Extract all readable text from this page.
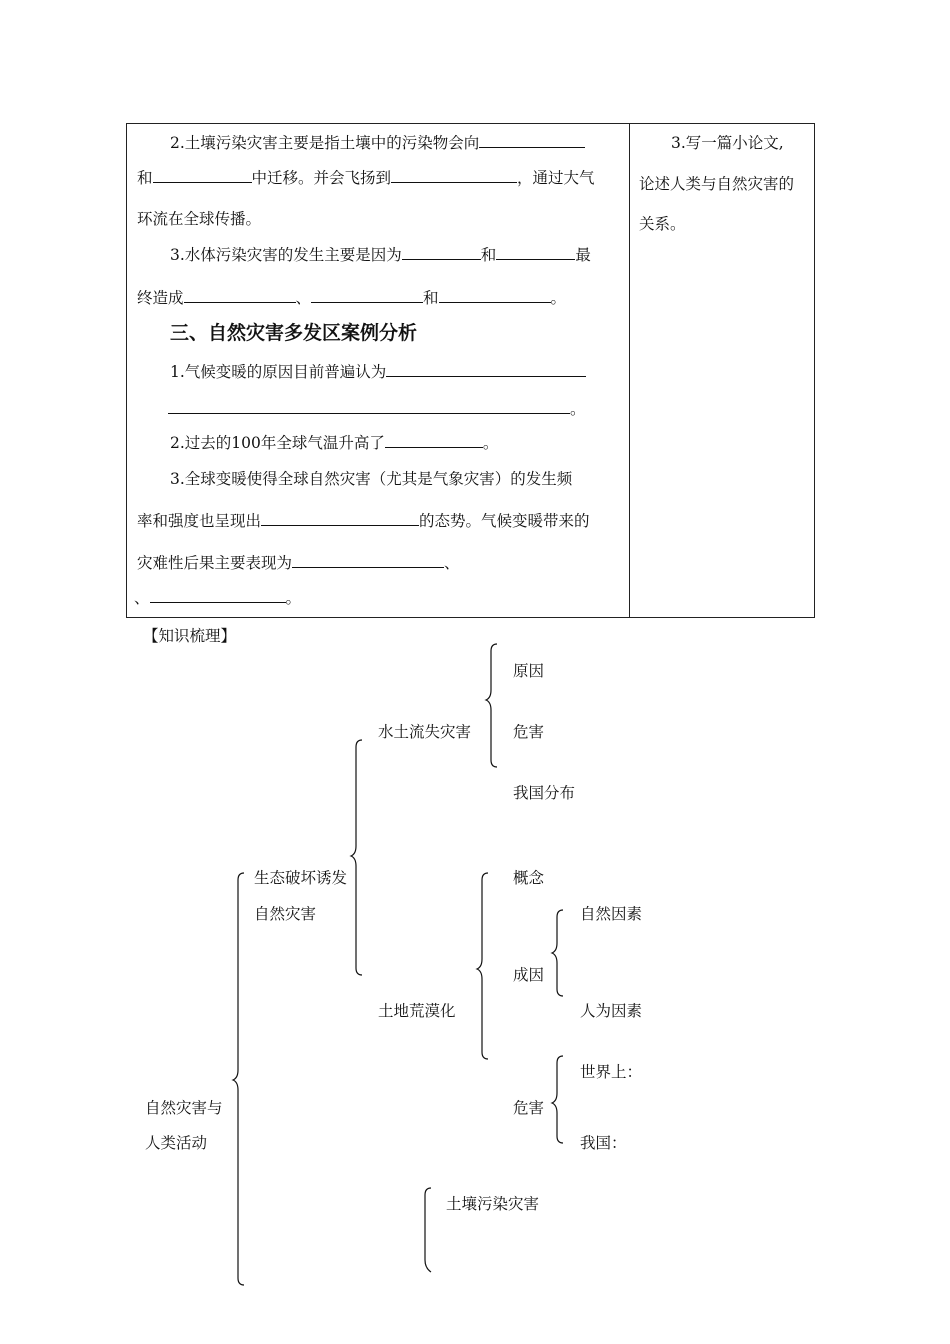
2.土壤污染灾害主要是指土壤中的污染物会向
和	中迁移。并会飞扬到	，通过大气
环流在全球传播。
3.水体污染灾害的发生主要是因为	和	最
终造成	、	和	。
三、自然灾害多发区案例分析
1.气候变暖的原因目前普遍认为
。
2.过去的100年全球气温升高了	。
3.全球变暖使得全球自然灾害（尤其是气象灾害）的发生频
率和强度也呈现出	的态势。气候变暖带来的
灾难性后果主要表现为	、
、	。
3.写一篇小论文,
论述人类与自然灾害的
关系。
【知识梳理】
自然灾害与
人类活动
生态破坏诱发
自然灾害
水土流失灾害
原因
危害
我国分布
土地荒漠化
概念
成因
自然因素
人为因素
危害
世界上：
我国：
土壤污染灾害
